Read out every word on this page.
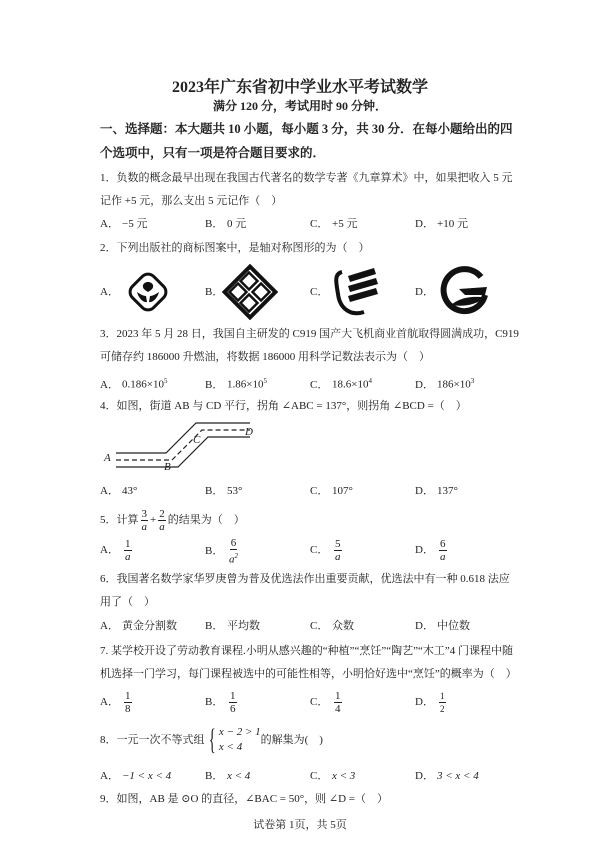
2023年广东省初中学业水平考试数学
满分 120 分，考试用时 90 分钟．
一、选择题：本大题共 10 小题，每小题 3 分，共 30 分．在每小题给出的四
个选项中，只有一项是符合题目要求的．
1．负数的概念最早出现在我国古代著名的数学专著《九章算术》中，如果把收入 5 元
记作 +5 元，那么支出 5 元记作（　）
A． −5 元	B． 0 元	C． +5 元	D． +10 元
2．下列出版社的商标图案中，是轴对称图形的为（　）
A．	B．	C．	D．
3．2023 年 5 月 28 日，我国自主研发的 C919 国产大飞机商业首航取得圆满成功，C919
可储存约 186000 升燃油，将数据 186000 用科学记数法表示为（　）
A． $0.186\times 10^5$	B． $1.86\times 10^5$	C． $18.6\times 10^4$	D． $186\times 10^3$
4．如图，街道 AB 与 CD 平行，拐角 ∠ABC = 137°，则拐角 ∠BCD =（　）
A
B
C
D
A． 43°	B． 53°	C． 107°	D． 137°
5．计算 $\frac{3}{a} + \frac{2}{a}$ 的结果为（　）
A． $\frac{1}{a}$	B． $\frac{6}{a^2}$	C． $\frac{5}{a}$	D． $\frac{6}{a}$
6．我国著名数学家华罗庚曾为普及优选法作出重要贡献，优选法中有一种 0.618 法应
用了（　）
A． 黄金分割数	B． 平均数	C． 众数	D． 中位数
7. 某学校开设了劳动教育课程.小明从感兴趣的“种植”“烹饪”“陶艺”“木工”4 门课程中随
机选择一门学习，每门课程被选中的可能性相等，小明恰好选中“烹饪”的概率为（　）
A． $\frac{1}{8}$	B． $\frac{1}{6}$	C． $\frac{1}{4}$	D． $\frac{1}{2}$
8．一元一次不等式组 { x − 2 > 1
x < 4
的解集为(　)
A． −1 < x < 4	B． x < 4	C． x < 3	D． 3 < x < 4
9．如图，AB 是 ⊙O 的直径，∠BAC = 50°，则 ∠D =（　）
试卷第 1页，共 5页
